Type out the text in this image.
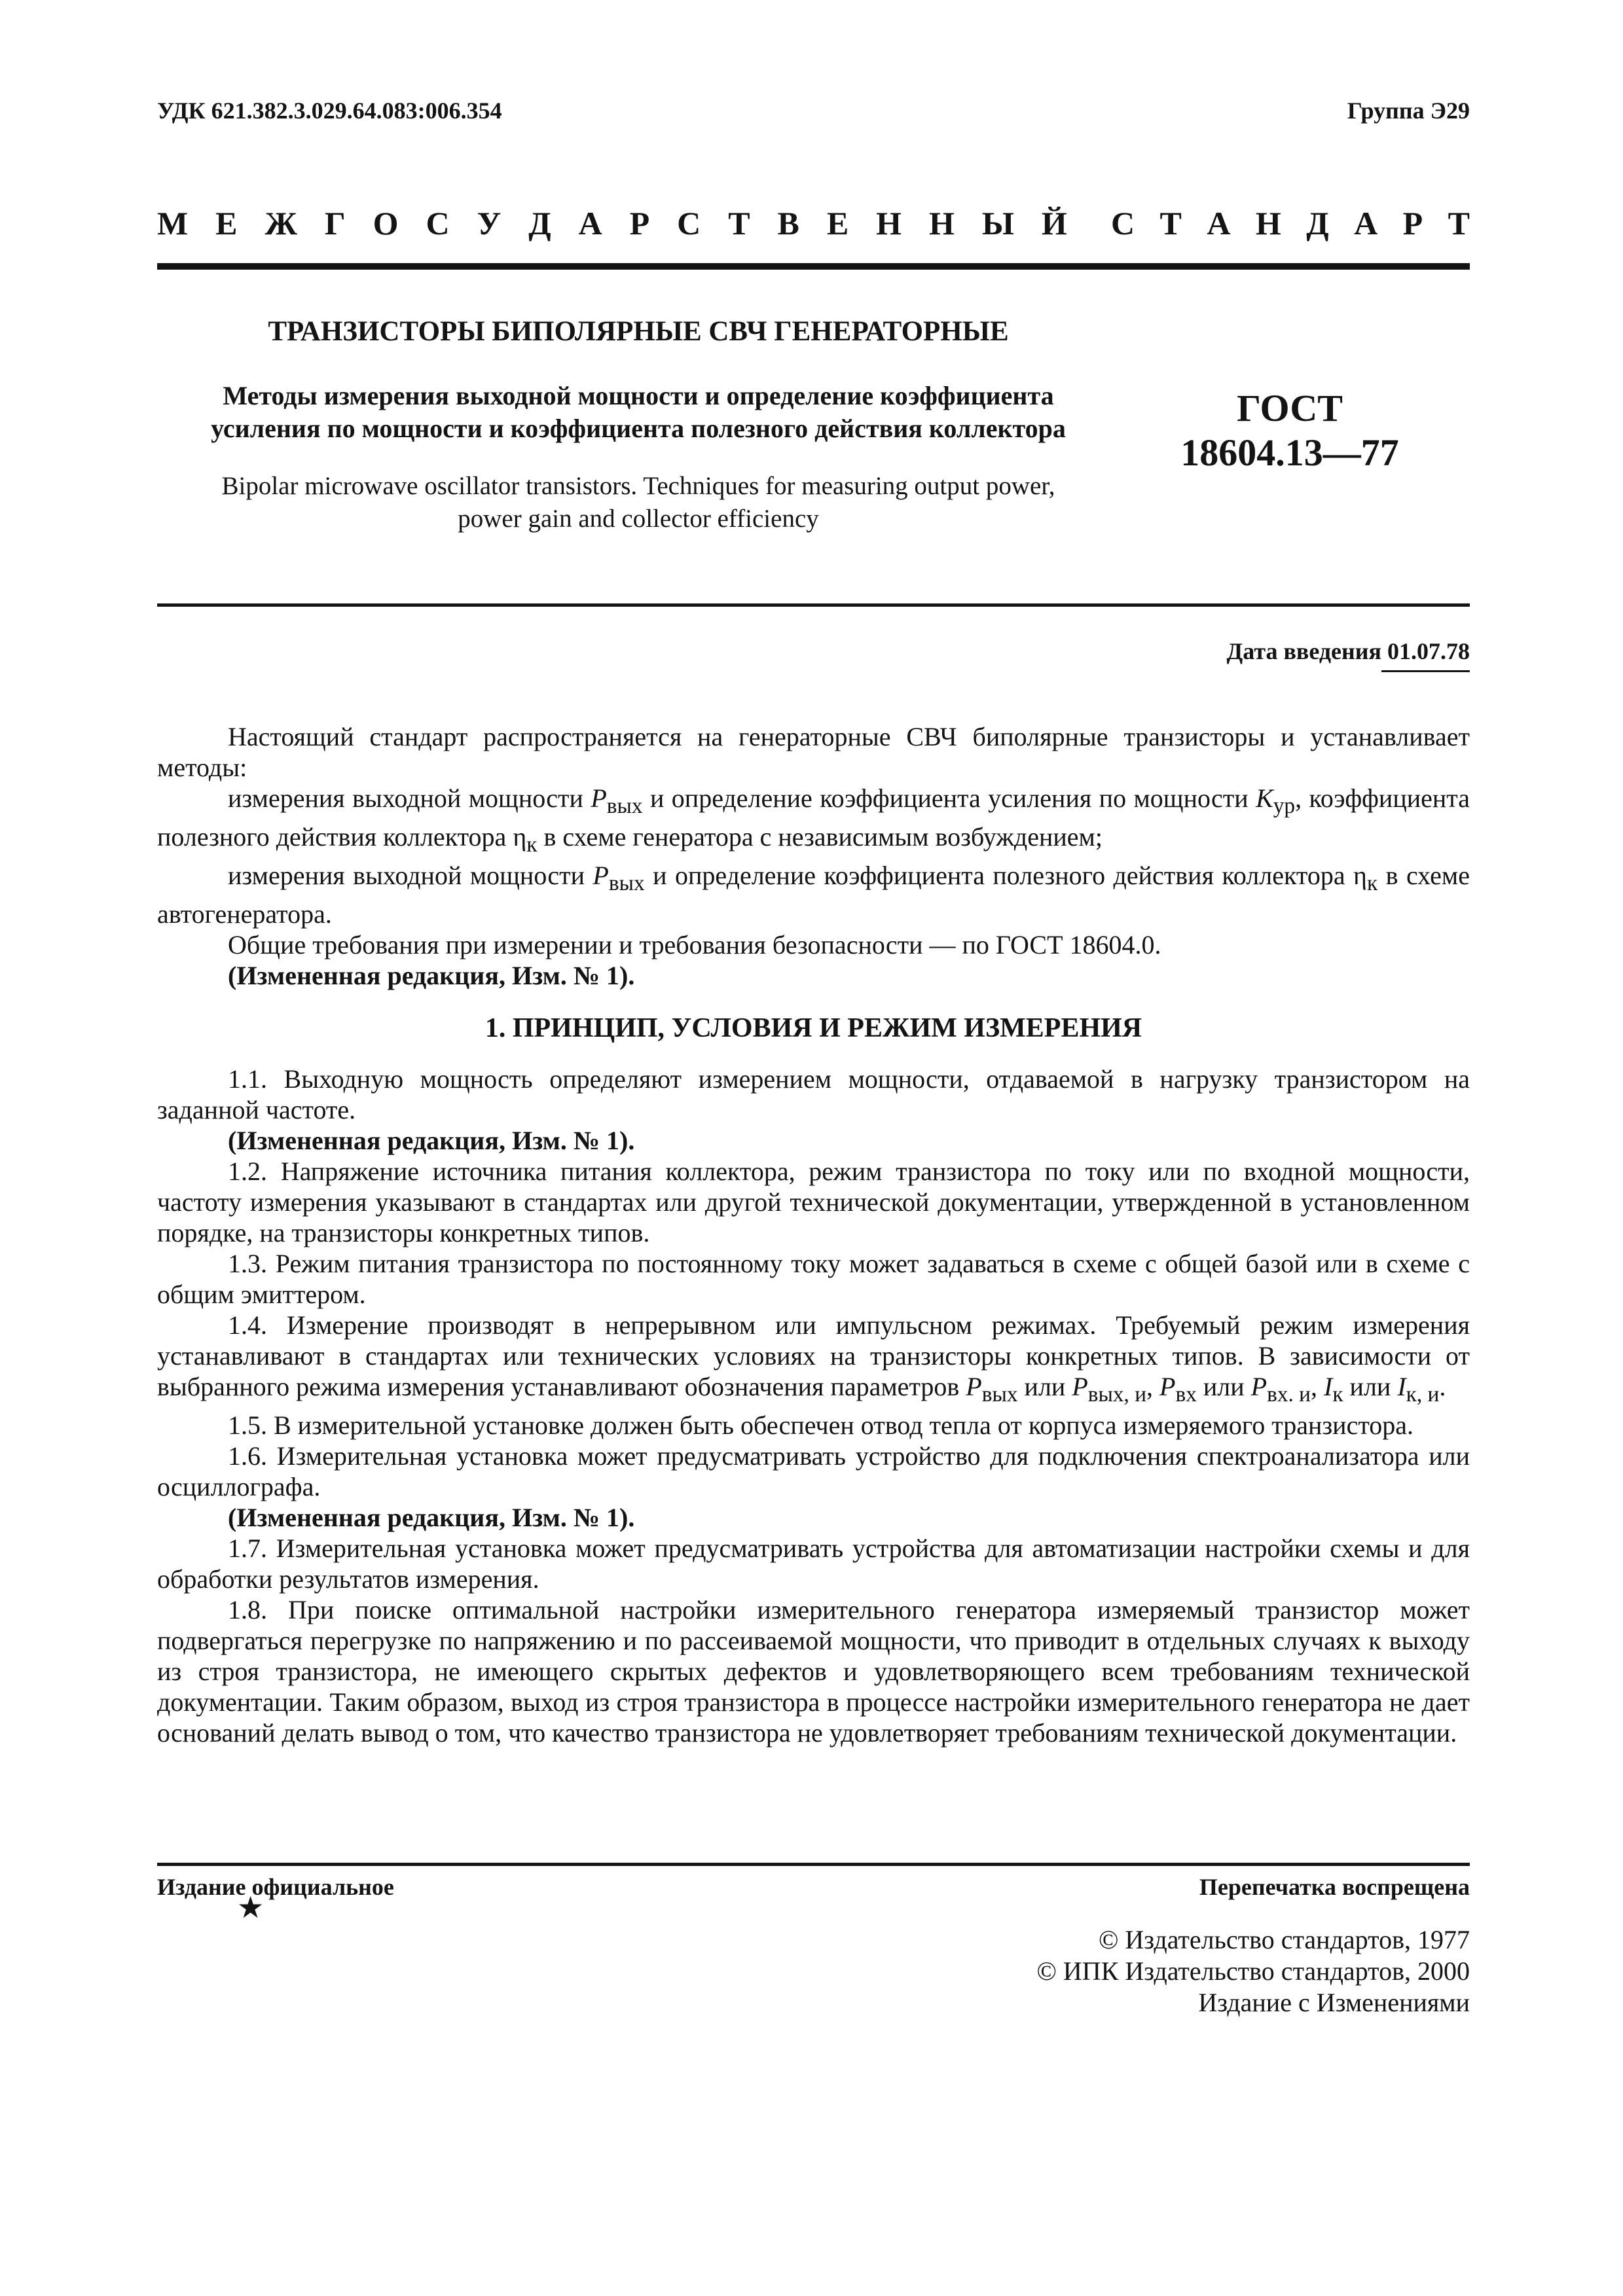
УДК 621.382.3.029.64.083:006.354	Группа Э29
М Е Ж Г О С У Д А Р С Т В Е Н Н Ы Й С Т А Н Д А Р Т
ТРАНЗИСТОРЫ БИПОЛЯРНЫЕ СВЧ ГЕНЕРАТОРНЫЕ
Методы измерения выходной мощности и определение коэффициента
усиления по мощности и коэффициента полезного действия коллектора
Bipolar microwave oscillator transistors. Techniques for measuring output power,
power gain and collector efficiency
ГОСТ
18604.13—77
Дата введения 01.07.78

Настоящий стандарт распространяется на генераторные СВЧ биполярные транзисторы и устанавливает методы:

измерения выходной мощности $P_{вых}$ и определение коэффициента усиления по мощности $K_{ур}$, коэффициента полезного действия коллектора $\eta_к$ в схеме генератора с независимым возбуждением;

измерения выходной мощности $P_{вых}$ и определение коэффициента полезного действия коллектора $\eta_к$ в схеме автогенератора.

Общие требования при измерении и требования безопасности — по ГОСТ 18604.0.

(Измененная редакция, Изм. № 1).

1. ПРИНЦИП, УСЛОВИЯ И РЕЖИМ ИЗМЕРЕНИЯ

1.1. Выходную мощность определяют измерением мощности, отдаваемой в нагрузку транзистором на заданной частоте.

(Измененная редакция, Изм. № 1).

1.2. Напряжение источника питания коллектора, режим транзистора по току или по входной мощности, частоту измерения указывают в стандартах или другой технической документации, утвержденной в установленном порядке, на транзисторы конкретных типов.

1.3. Режим питания транзистора по постоянному току может задаваться в схеме с общей базой или в схеме с общим эмиттером.

1.4. Измерение производят в непрерывном или импульсном режимах. Требуемый режим измерения устанавливают в стандартах или технических условиях на транзисторы конкретных типов. В зависимости от выбранного режима измерения устанавливают обозначения параметров $P_{вых}$ или $P_{вых, и}$, $P_{вх}$ или $P_{вх. и}$, $I_к$ или $I_{к, и}$.

1.5. В измерительной установке должен быть обеспечен отвод тепла от корпуса измеряемого транзистора.

1.6. Измерительная установка может предусматривать устройство для подключения спектроанализатора или осциллографа.

(Измененная редакция, Изм. № 1).

1.7. Измерительная установка может предусматривать устройства для автоматизации настройки схемы и для обработки результатов измерения.

1.8. При поиске оптимальной настройки измерительного генератора измеряемый транзистор может подвергаться перегрузке по напряжению и по рассеиваемой мощности, что приводит в отдельных случаях к выходу из строя транзистора, не имеющего скрытых дефектов и удовлетворяющего всем требованиям технической документации. Таким образом, выход из строя транзистора в процессе настройки измерительного генератора не дает оснований делать вывод о том, что качество транзистора не удовлетворяет требованиям технической документации.

Издание официальное
★
Перепечатка воспрещена
© Издательство стандартов, 1977
© ИПК Издательство стандартов, 2000
Издание с Изменениями
